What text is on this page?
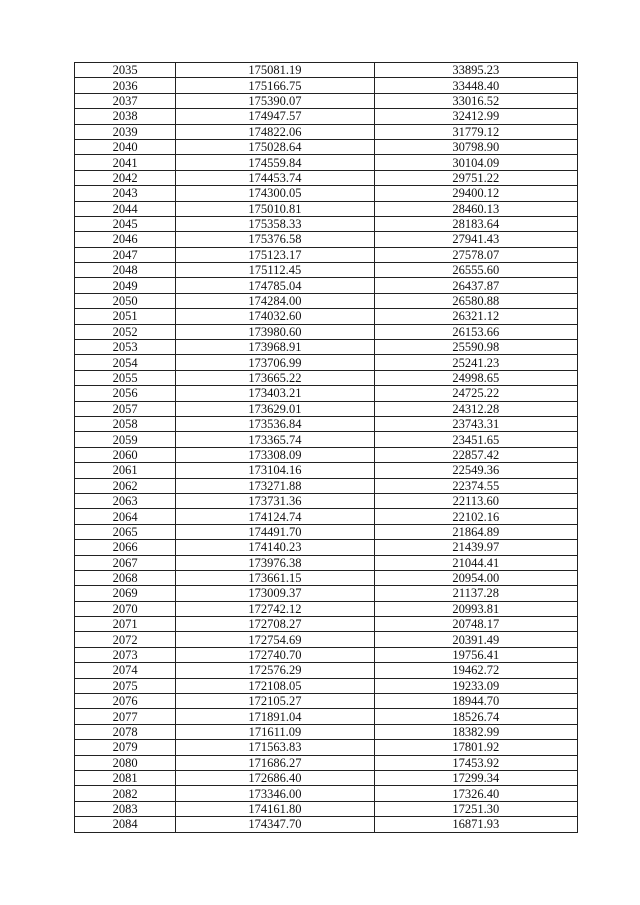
2035	175081.19	33895.23
2036	175166.75	33448.40
2037	175390.07	33016.52
2038	174947.57	32412.99
2039	174822.06	31779.12
2040	175028.64	30798.90
2041	174559.84	30104.09
2042	174453.74	29751.22
2043	174300.05	29400.12
2044	175010.81	28460.13
2045	175358.33	28183.64
2046	175376.58	27941.43
2047	175123.17	27578.07
2048	175112.45	26555.60
2049	174785.04	26437.87
2050	174284.00	26580.88
2051	174032.60	26321.12
2052	173980.60	26153.66
2053	173968.91	25590.98
2054	173706.99	25241.23
2055	173665.22	24998.65
2056	173403.21	24725.22
2057	173629.01	24312.28
2058	173536.84	23743.31
2059	173365.74	23451.65
2060	173308.09	22857.42
2061	173104.16	22549.36
2062	173271.88	22374.55
2063	173731.36	22113.60
2064	174124.74	22102.16
2065	174491.70	21864.89
2066	174140.23	21439.97
2067	173976.38	21044.41
2068	173661.15	20954.00
2069	173009.37	21137.28
2070	172742.12	20993.81
2071	172708.27	20748.17
2072	172754.69	20391.49
2073	172740.70	19756.41
2074	172576.29	19462.72
2075	172108.05	19233.09
2076	172105.27	18944.70
2077	171891.04	18526.74
2078	171611.09	18382.99
2079	171563.83	17801.92
2080	171686.27	17453.92
2081	172686.40	17299.34
2082	173346.00	17326.40
2083	174161.80	17251.30
2084	174347.70	16871.93
